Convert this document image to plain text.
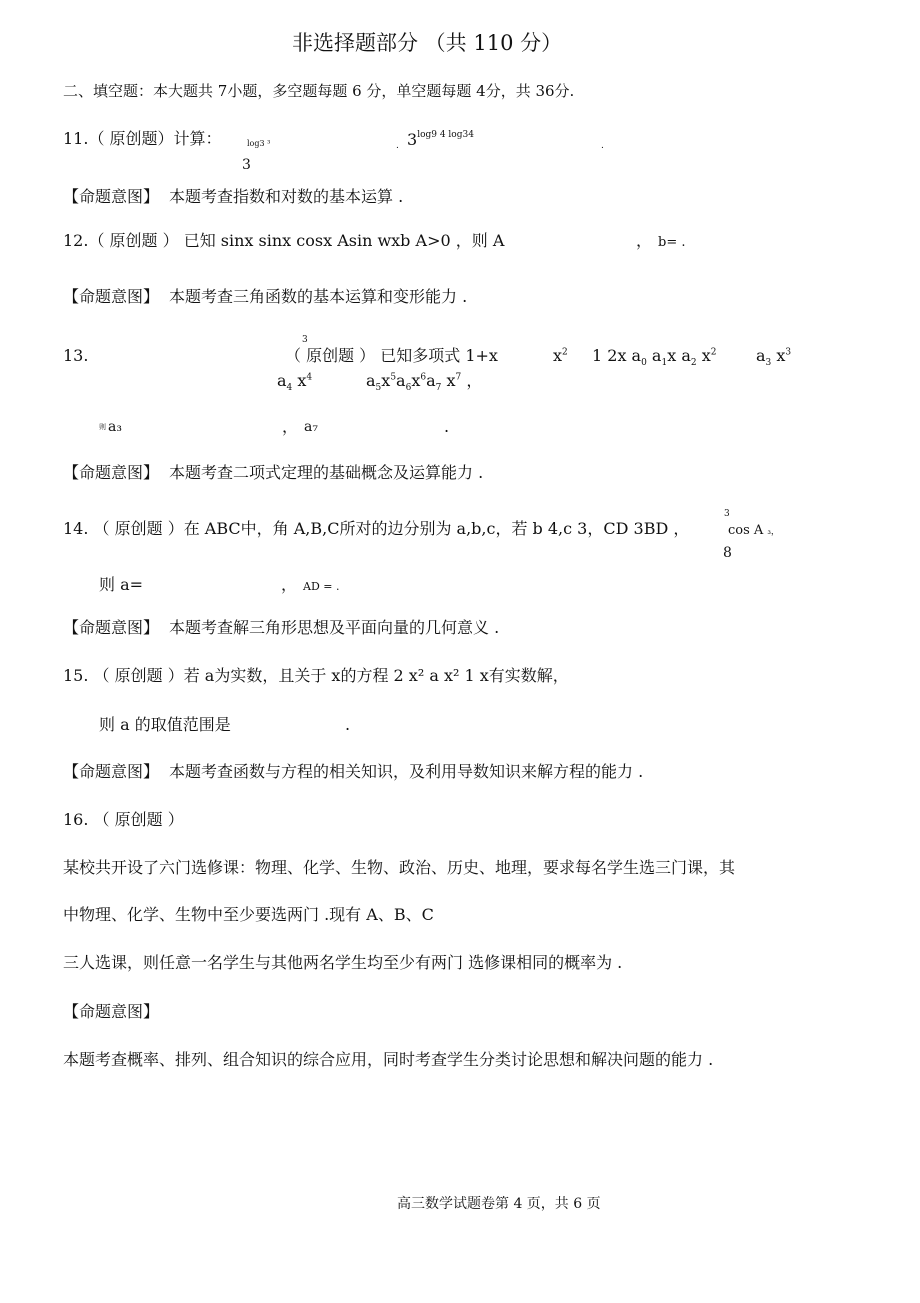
非选择题部分 （共 110 分）
二、填空题：本大题共 7小题，多空题每题 6 分，单空题每题 4分，共 36分.
11.（ 原创题）计算：	log3 ³
3
. $3^{log9 4 log34}$
.
【命题意图】 本题考查指数和对数的基本运算 .
12.（ 原创题 ） 已知 sinx sinx cosx Asin wxb A>0 ，则 A	， b= .
【命题意图】 本题考查三角函数的基本运算和变形能力 .
13.
3
（ 原创题 ） 已知多项式 1+x	$x^2$ 1 2x $a_0$ $a_1x$ $a_2$ $x^2$ $a_3$ $x^3$
$a_4$ $x^4$	$a_5x^5a_6x^6a_7$ $x^7$ ，
则 a₃	， a₇	.
【命题意图】 本题考查二项式定理的基础概念及运算能力 .
14. （ 原创题 ）在 ABC中，角 A,B,C所对的边分别为 a,b,c，若 b 4,c 3，CD 3BD ，
3
cos A ₃，
8
则 a=	， AD = .
【命题意图】 本题考查解三角形思想及平面向量的几何意义 .
15. （ 原创题 ）若 a为实数，且关于 x的方程 2 x² a x² 1 x有实数解，
则 a 的取值范围是	.
【命题意图】 本题考查函数与方程的相关知识，及利用导数知识来解方程的能力 .
16. （ 原创题 ）
某校共开设了六门选修课：物理、化学、生物、政治、历史、地理，要求每名学生选三门课，其
中物理、化学、生物中至少要选两门 .现有 A、B、C
三人选课，则任意一名学生与其他两名学生均至少有两门 选修课相同的概率为 .
【命题意图】
本题考查概率、排列、组合知识的综合应用，同时考查学生分类讨论思想和解决问题的能力 .
高三数学试题卷第 4 页，共 6 页
